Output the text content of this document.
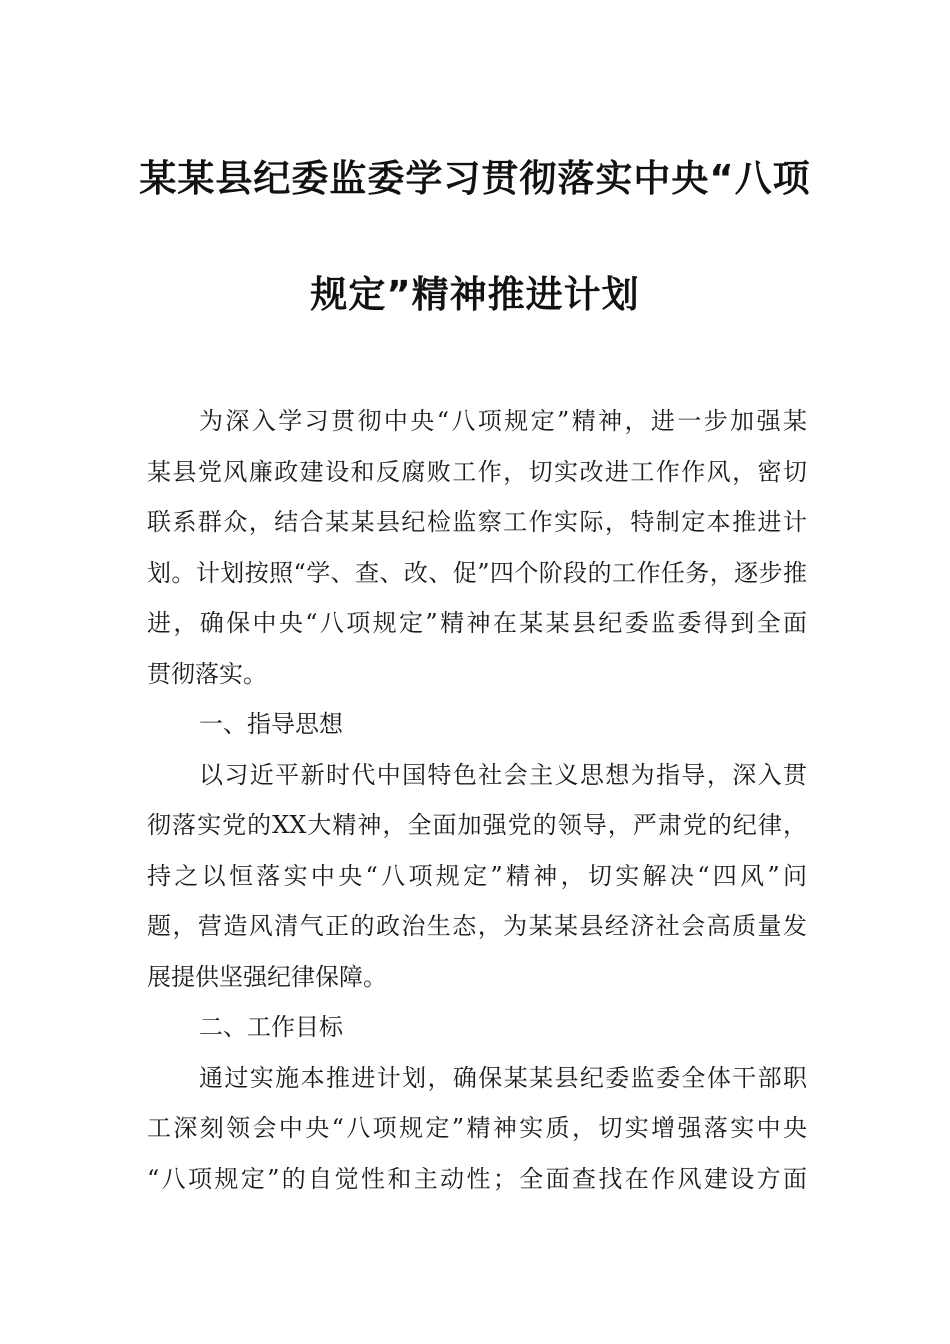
某某县纪委监委学习贯彻落实中央“八项
规定”精神推进计划
为深入学习贯彻中央“八项规定”精神，进一步加强某
某县党风廉政建设和反腐败工作，切实改进工作作风，密切
联系群众，结合某某县纪检监察工作实际，特制定本推进计
划。计划按照“学、查、改、促”四个阶段的工作任务，逐步推
进，确保中央“八项规定”精神在某某县纪委监委得到全面
贯彻落实。
一、指导思想
以习近平新时代中国特色社会主义思想为指导，深入贯
彻落实党的XX大精神，全面加强党的领导，严肃党的纪律，
持之以恒落实中央“八项规定”精神，切实解决“四风”问
题，营造风清气正的政治生态，为某某县经济社会高质量发
展提供坚强纪律保障。
二、工作目标
通过实施本推进计划，确保某某县纪委监委全体干部职
工深刻领会中央“八项规定”精神实质，切实增强落实中央
“八项规定”的自觉性和主动性；全面查找在作风建设方面
